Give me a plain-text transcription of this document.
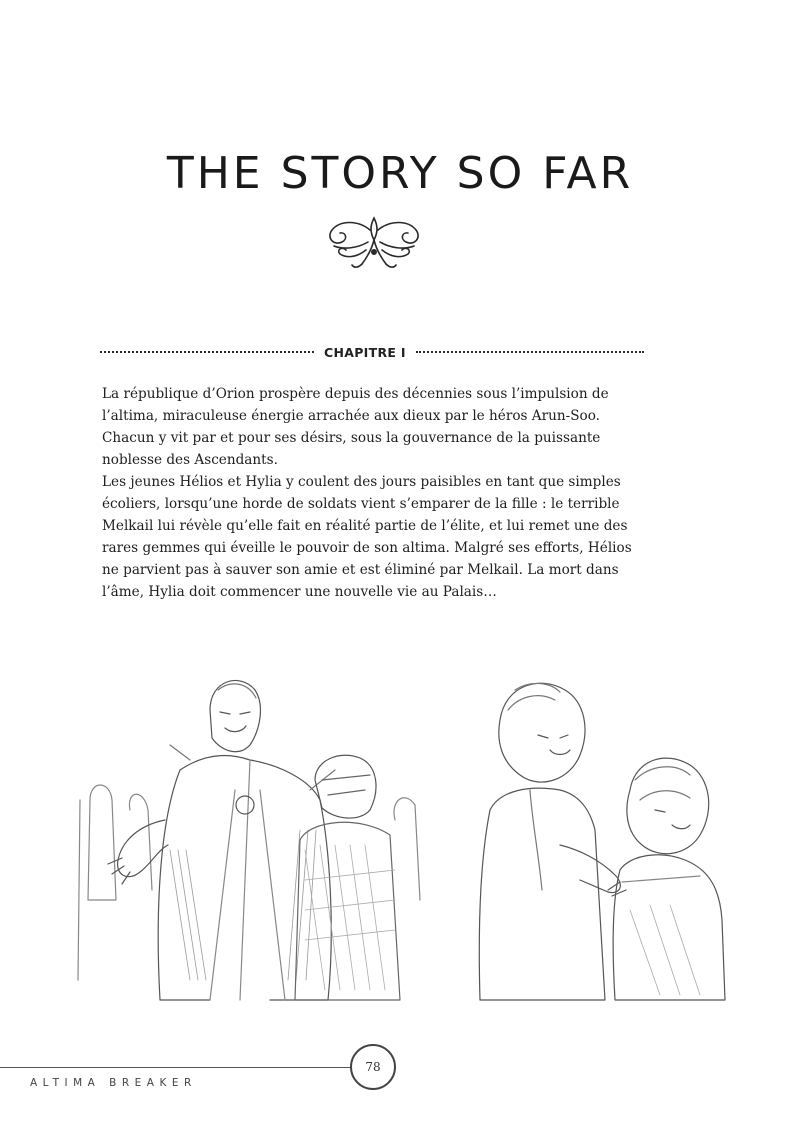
THE STORY SO FAR
CHAPITRE I

La république d’Orion prospère depuis des décennies sous l’impulsion de l’altima, miraculeuse énergie arrachée aux dieux par le héros Arun-Soo. Chacun y vit par et pour ses désirs, sous la gouvernance de la puissante noblesse des Ascendants.

Les jeunes Hélios et Hylia y coulent des jours paisibles en tant que simples écoliers, lorsqu’une horde de soldats vient s’emparer de la fille : le terrible Melkail lui révèle qu’elle fait en réalité partie de l’élite, et lui remet une des rares gemmes qui éveille le pouvoir de son altima. Malgré ses efforts, Hélios ne parvient pas à sauver son amie et est éliminé par Melkail. La mort dans l’âme, Hylia doit commencer une nouvelle vie au Palais…

78
ALTIMA BREAKER
